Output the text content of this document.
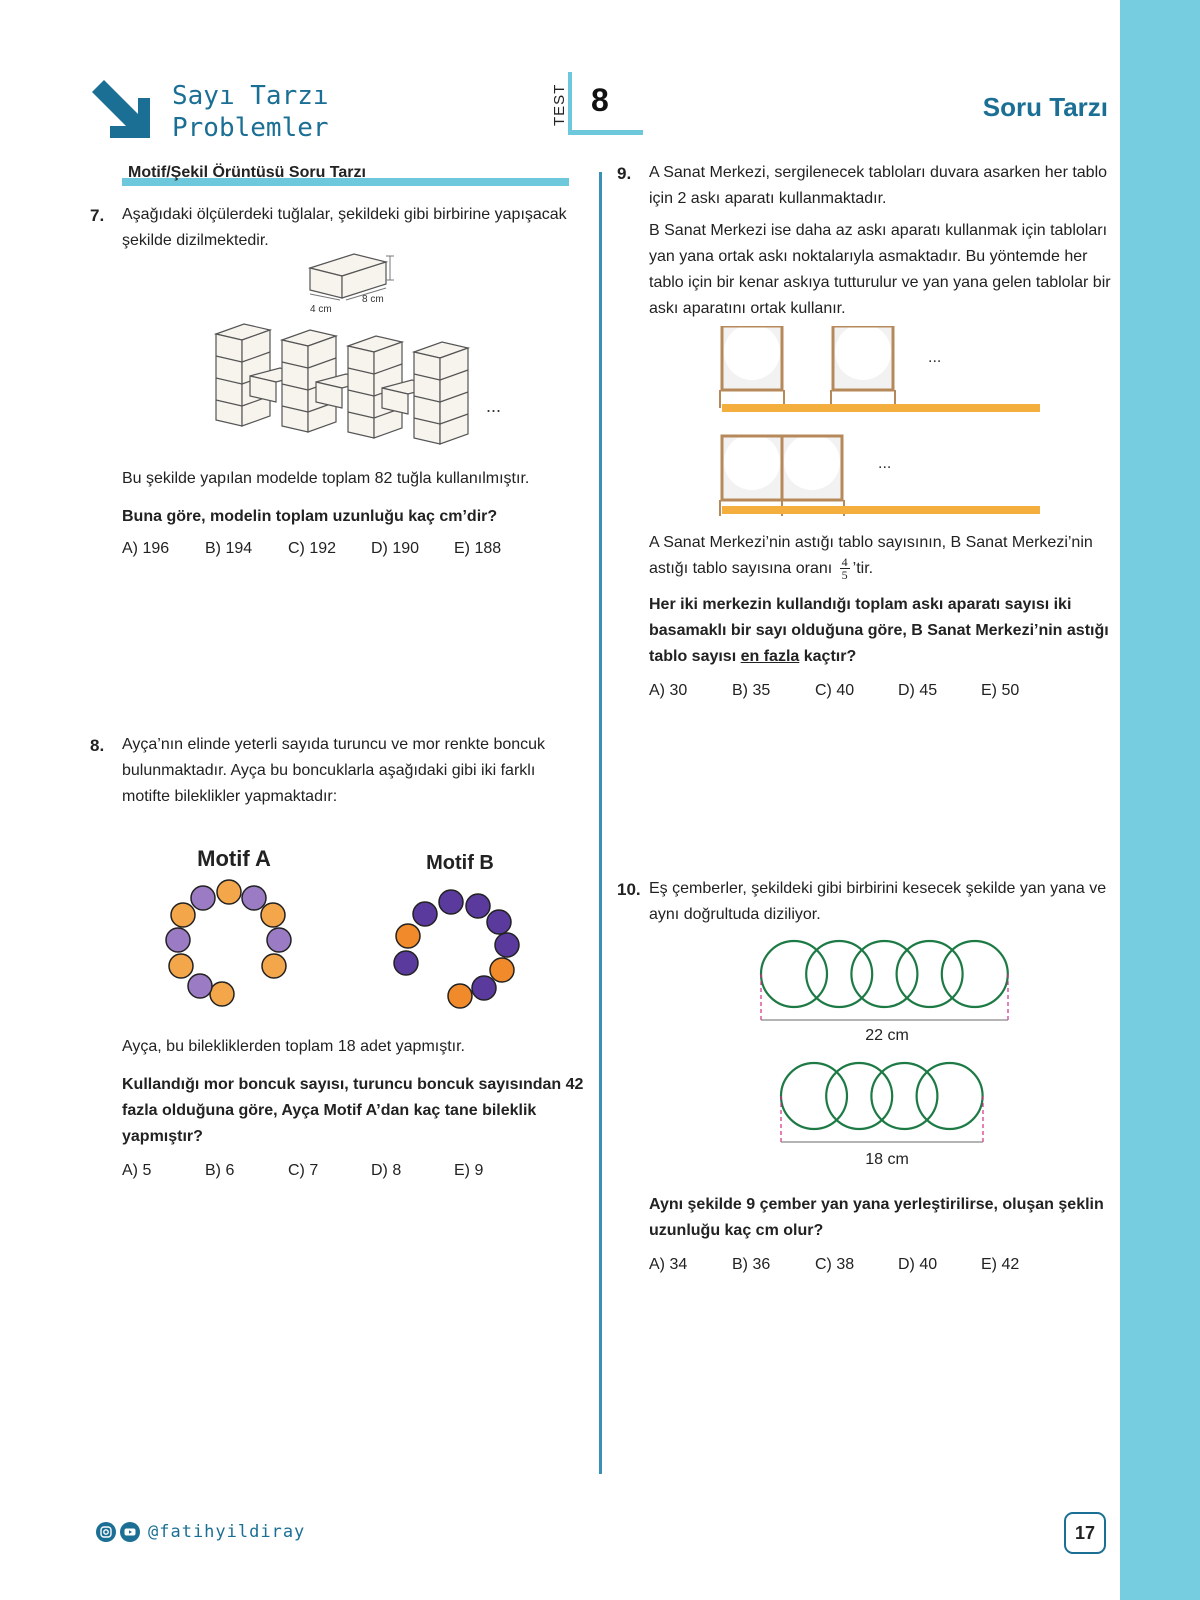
Sayı Tarzı
Problemler
TEST 8	Soru Tarzı
Motif/Şekil Örüntüsü Soru Tarzı
7. Aşağıdaki ölçülerdeki tuğlalar, şekildeki gibi birbirine yapışacak şekilde dizilmektedir.
4 cm
8 cm
...
Bu şekilde yapılan modelde toplam 82 tuğla kullanılmıştır.
Buna göre, modelin toplam uzunluğu kaç cm’dir?
A) 196	B) 194	C) 192	D) 190	E) 188
8. Ayça’nın elinde yeterli sayıda turuncu ve mor renkte boncuk bulunmaktadır. Ayça bu boncuklarla aşağıdaki gibi iki farklı motifte bileklikler yapmaktadır:
Motif A	Motif B
Ayça, bu bilekliklerden toplam 18 adet yapmıştır.
Kullandığı mor boncuk sayısı, turuncu boncuk sayısından 42 fazla olduğuna göre, Ayça Motif A’dan kaç tane bileklik yapmıştır?
A) 5	B) 6	C) 7	D) 8	E) 9
9. A Sanat Merkezi, sergilenecek tabloları duvara asarken her tablo için 2 askı aparatı kullanmaktadır.
B Sanat Merkezi ise daha az askı aparatı kullanmak için tabloları yan yana ortak askı noktalarıyla asmaktadır. Bu yöntemde her tablo için bir kenar askıya tutturulur ve yan yana gelen tablolar bir askı aparatını ortak kullanır.
...
...
A Sanat Merkezi’nin astığı tablo sayısının, B Sanat Merkezi’nin astığı tablo sayısına oranı $\frac{4}{5}$ ’tir.
Her iki merkezin kullandığı toplam askı aparatı sayısı iki basamaklı bir sayı olduğuna göre, B Sanat Merkezi’nin astığı tablo sayısı en fazla kaçtır?
A) 30	B) 35	C) 40	D) 45	E) 50
10. Eş çemberler, şekildeki gibi birbirini kesecek şekilde yan yana ve aynı doğrultuda diziliyor.
22 cm
18 cm
Aynı şekilde 9 çember yan yana yerleştirilirse, oluşan şeklin uzunluğu kaç cm olur?
A) 34	B) 36	C) 38	D) 40	E) 42
@fatihyildiray	17
